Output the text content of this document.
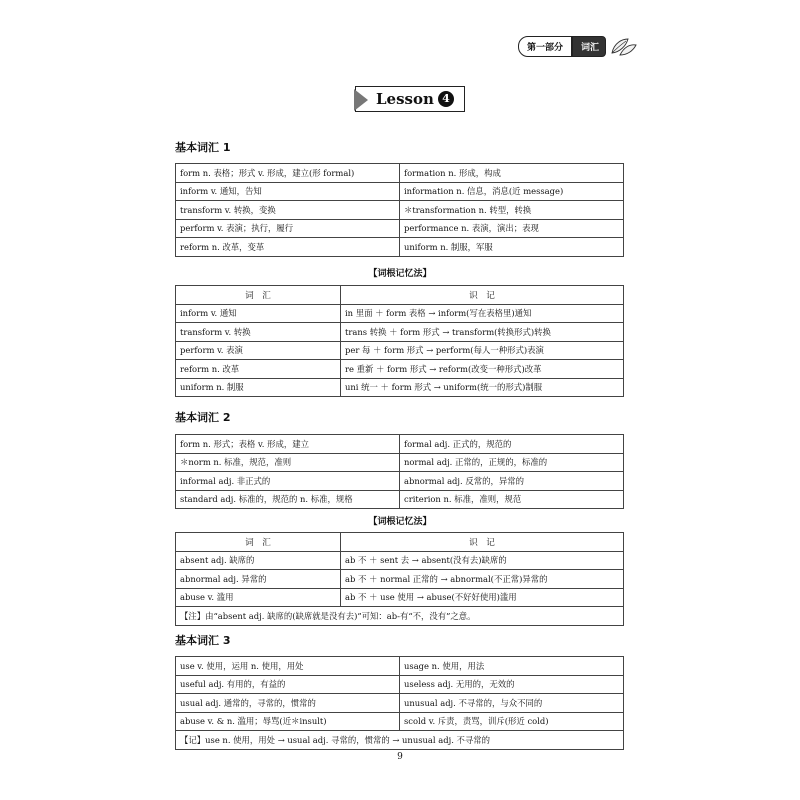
第一部分	词汇
Lesson 4
基本词汇 1
form n. 表格；形式 v. 形成，建立(形 formal)	formation n. 形成，构成
inform v. 通知，告知	information n. 信息，消息(近 message)
transform v. 转换，变换	＊transformation n. 转型，转换
perform v. 表演；执行，履行	performance n. 表演，演出；表现
reform n. 改革，变革	uniform n. 制服，军服
【词根记忆法】
词　汇	识　记
inform v. 通知	in 里面 ＋ form 表格 → inform(写在表格里)通知
transform v. 转换	trans 转换 ＋ form 形式 → transform(转换形式)转换
perform v. 表演	per 每 ＋ form 形式 → perform(每人一种形式)表演
reform n. 改革	re 重新 ＋ form 形式 → reform(改变一种形式)改革
uniform n. 制服	uni 统一 ＋ form 形式 → uniform(统一的形式)制服
基本词汇 2
form n. 形式；表格 v. 形成，建立	formal adj. 正式的，规范的
＊norm n. 标准，规范，准则	normal adj. 正常的，正规的，标准的
informal adj. 非正式的	abnormal adj. 反常的，异常的
standard adj. 标准的，规范的 n. 标准，规格	criterion n. 标准，准则，规范
【词根记忆法】
词　汇	识　记
absent adj. 缺席的	ab 不 ＋ sent 去 → absent(没有去)缺席的
abnormal adj. 异常的	ab 不 ＋ normal 正常的 → abnormal(不正常)异常的
abuse v. 滥用	ab 不 ＋ use 使用 → abuse(不好好使用)滥用
【注】由“absent adj. 缺席的(缺席就是没有去)”可知：ab-有“不，没有”之意。	
基本词汇 3
use v. 使用，运用 n. 使用，用处	usage n. 使用，用法
useful adj. 有用的，有益的	useless adj. 无用的，无效的
usual adj. 通常的，寻常的，惯常的	unusual adj. 不寻常的，与众不同的
abuse v. & n. 滥用；辱骂(近＊insult)	scold v. 斥责，责骂，训斥(形近 cold)
【记】use n. 使用，用处 → usual adj. 寻常的，惯常的 → unusual adj. 不寻常的	
9
